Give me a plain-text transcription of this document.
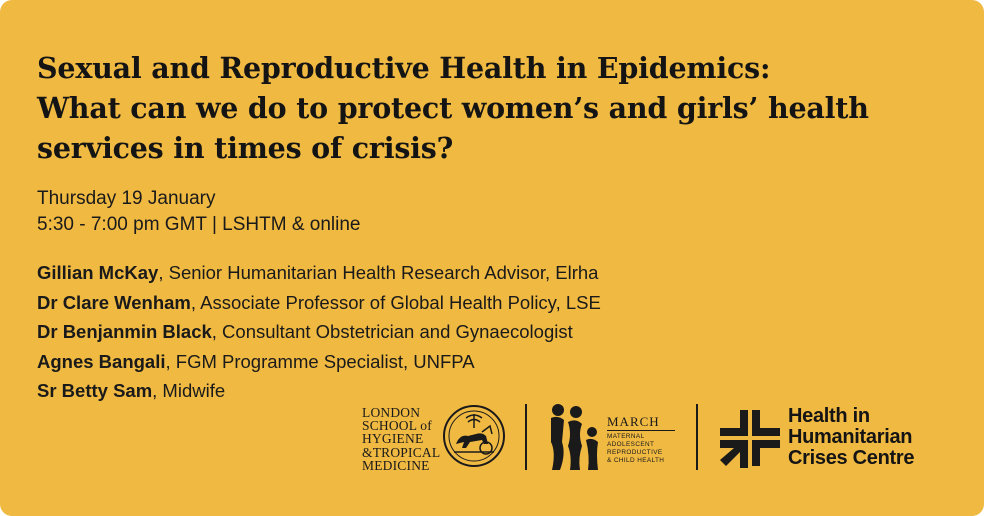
Sexual and Reproductive Health in Epidemics:
What can we do to protect women’s and girls’ health
services in times of crisis?
Thursday 19 January
5:30 - 7:00 pm GMT | LSHTM & online
Gillian McKay, Senior Humanitarian Health Research Advisor, Elrha
Dr Clare Wenham, Associate Professor of Global Health Policy, LSE
Dr Benjanmin Black, Consultant Obstetrician and Gynaecologist
Agnes Bangali, FGM Programme Specialist, UNFPA
Sr Betty Sam, Midwife
LONDON
SCHOOL of
HYGIENE
&TROPICAL
MEDICINE
MARCH
MATERNAL
ADOLESCENT
REPRODUCTIVE
& CHILD HEALTH
Health in
Humanitarian
Crises Centre
